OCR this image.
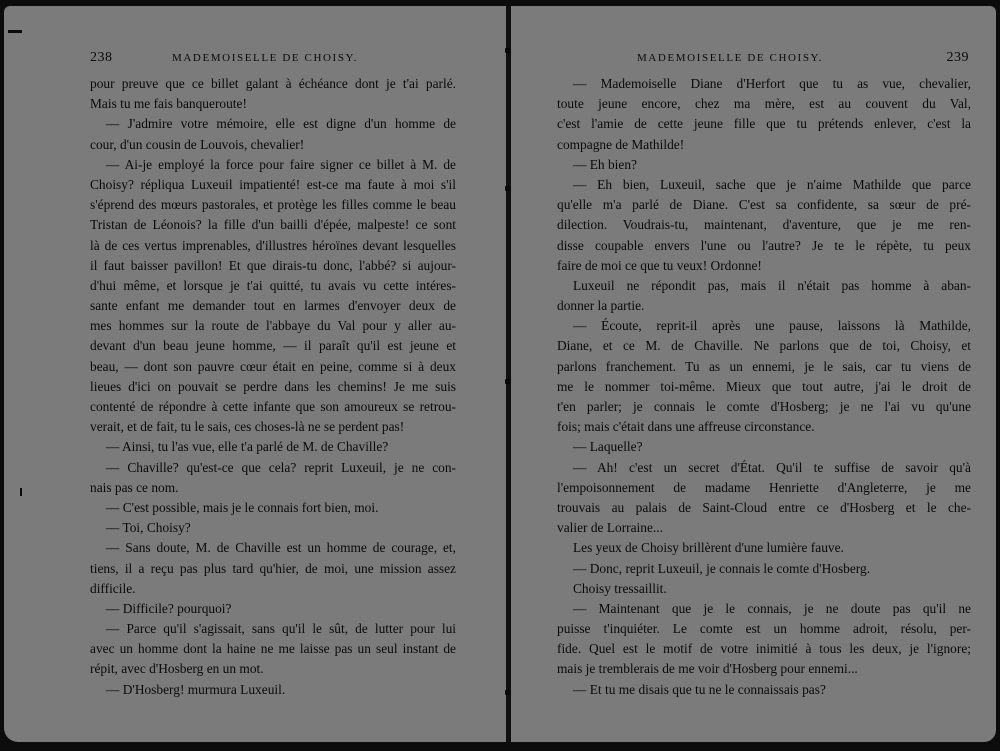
238	MADEMOISELLE DE CHOISY.
pour preuve que ce billet galant à échéance dont je t'ai parlé.
Mais tu me fais banqueroute!
— J'admire votre mémoire, elle est digne d'un homme de
cour, d'un cousin de Louvois, chevalier!
— Ai-je employé la force pour faire signer ce billet à M. de
Choisy? répliqua Luxeuil impatienté! est-ce ma faute à moi s'il
s'éprend des mœurs pastorales, et protège les filles comme le beau
Tristan de Léonois? la fille d'un bailli d'épée, malpeste! ce sont
là de ces vertus imprenables, d'illustres héroïnes devant lesquelles
il faut baisser pavillon! Et que dirais-tu donc, l'abbé? si aujour-
d'hui même, et lorsque je t'ai quitté, tu avais vu cette intéres-
sante enfant me demander tout en larmes d'envoyer deux de
mes hommes sur la route de l'abbaye du Val pour y aller au-
devant d'un beau jeune homme, — il paraît qu'il est jeune et
beau, — dont son pauvre cœur était en peine, comme si à deux
lieues d'ici on pouvait se perdre dans les chemins! Je me suis
contenté de répondre à cette infante que son amoureux se retrou-
verait, et de fait, tu le sais, ces choses-là ne se perdent pas!
— Ainsi, tu l'as vue, elle t'a parlé de M. de Chaville?
— Chaville? qu'est-ce que cela? reprit Luxeuil, je ne con-
nais pas ce nom.
— C'est possible, mais je le connais fort bien, moi.
— Toi, Choisy?
— Sans doute, M. de Chaville est un homme de courage, et,
tiens, il a reçu pas plus tard qu'hier, de moi, une mission assez
difficile.
— Difficile? pourquoi?
— Parce qu'il s'agissait, sans qu'il le sût, de lutter pour lui
avec un homme dont la haine ne me laisse pas un seul instant de
répit, avec d'Hosberg en un mot.
— D'Hosberg! murmura Luxeuil.
MADEMOISELLE DE CHOISY.	239
— Mademoiselle Diane d'Herfort que tu as vue, chevalier,
toute jeune encore, chez ma mère, est au couvent du Val,
c'est l'amie de cette jeune fille que tu prétends enlever, c'est la
compagne de Mathilde!
— Eh bien?
— Eh bien, Luxeuil, sache que je n'aime Mathilde que parce
qu'elle m'a parlé de Diane. C'est sa confidente, sa sœur de pré-
dilection. Voudrais-tu, maintenant, d'aventure, que je me ren-
disse coupable envers l'une ou l'autre? Je te le répète, tu peux
faire de moi ce que tu veux! Ordonne!
Luxeuil ne répondit pas, mais il n'était pas homme à aban-
donner la partie.
— Écoute, reprit-il après une pause, laissons là Mathilde,
Diane, et ce M. de Chaville. Ne parlons que de toi, Choisy, et
parlons franchement. Tu as un ennemi, je le sais, car tu viens de
me le nommer toi-même. Mieux que tout autre, j'ai le droit de
t'en parler; je connais le comte d'Hosberg; je ne l'ai vu qu'une
fois; mais c'était dans une affreuse circonstance.
— Laquelle?
— Ah! c'est un secret d'État. Qu'il te suffise de savoir qu'à
l'empoisonnement de madame Henriette d'Angleterre, je me
trouvais au palais de Saint-Cloud entre ce d'Hosberg et le che-
valier de Lorraine...
Les yeux de Choisy brillèrent d'une lumière fauve.
— Donc, reprit Luxeuil, je connais le comte d'Hosberg.
Choisy tressaillit.
— Maintenant que je le connais, je ne doute pas qu'il ne
puisse t'inquiéter. Le comte est un homme adroit, résolu, per-
fide. Quel est le motif de votre inimitié à tous les deux, je l'ignore;
mais je tremblerais de me voir d'Hosberg pour ennemi...
— Et tu me disais que tu ne le connaissais pas?
